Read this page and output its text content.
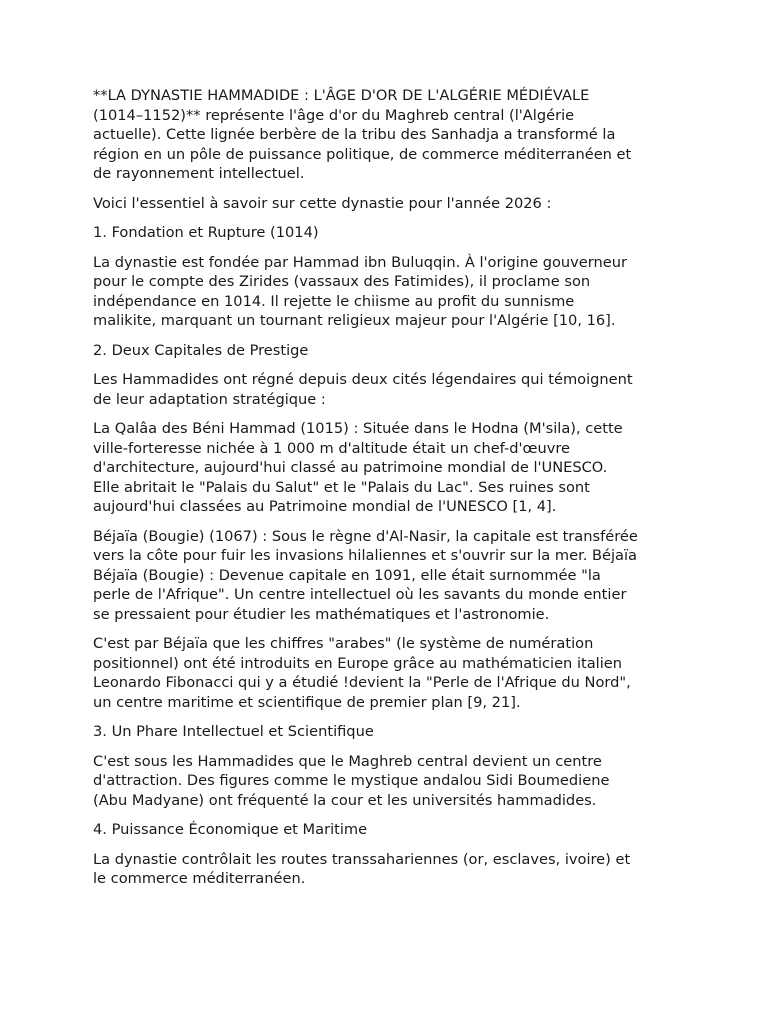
**LA DYNASTIE HAMMADIDE : L'ÂGE D'OR DE L'ALGÉRIE MÉDIÉVALE
(1014–1152)** représente l'âge d'or du Maghreb central (l'Algérie
actuelle). Cette lignée berbère de la tribu des Sanhadja a transformé la
région en un pôle de puissance politique, de commerce méditerranéen et
de rayonnement intellectuel.
Voici l'essentiel à savoir sur cette dynastie pour l'année 2026 :
1. Fondation et Rupture (1014)
La dynastie est fondée par Hammad ibn Buluqqin. À l'origine gouverneur
pour le compte des Zirides (vassaux des Fatimides), il proclame son
indépendance en 1014. Il rejette le chiisme au profit du sunnisme
malikite, marquant un tournant religieux majeur pour l'Algérie [10, 16].
2. Deux Capitales de Prestige
Les Hammadides ont régné depuis deux cités légendaires qui témoignent
de leur adaptation stratégique :
La Qalâa des Béni Hammad (1015) : Située dans le Hodna (M'sila), cette
ville-forteresse nichée à 1 000 m d'altitude était un chef-d'œuvre
d'architecture, aujourd'hui classé au patrimoine mondial de l'UNESCO.
Elle abritait le "Palais du Salut" et le "Palais du Lac". Ses ruines sont
aujourd'hui classées au Patrimoine mondial de l'UNESCO [1, 4].
Béjaïa (Bougie) (1067) : Sous le règne d'Al-Nasir, la capitale est transférée
vers la côte pour fuir les invasions hilaliennes et s'ouvrir sur la mer. Béjaïa
Béjaïa (Bougie) : Devenue capitale en 1091, elle était surnommée "la
perle de l'Afrique". Un centre intellectuel où les savants du monde entier
se pressaient pour étudier les mathématiques et l'astronomie.
C'est par Béjaïa que les chiffres "arabes" (le système de numération
positionnel) ont été introduits en Europe grâce au mathématicien italien
Leonardo Fibonacci qui y a étudié !devient la "Perle de l'Afrique du Nord",
un centre maritime et scientifique de premier plan [9, 21].
3. Un Phare Intellectuel et Scientifique
C'est sous les Hammadides que le Maghreb central devient un centre
d'attraction. Des figures comme le mystique andalou Sidi Boumediene
(Abu Madyane) ont fréquenté la cour et les universités hammadides.
4. Puissance Économique et Maritime
La dynastie contrôlait les routes transsahariennes (or, esclaves, ivoire) et
le commerce méditerranéen.
